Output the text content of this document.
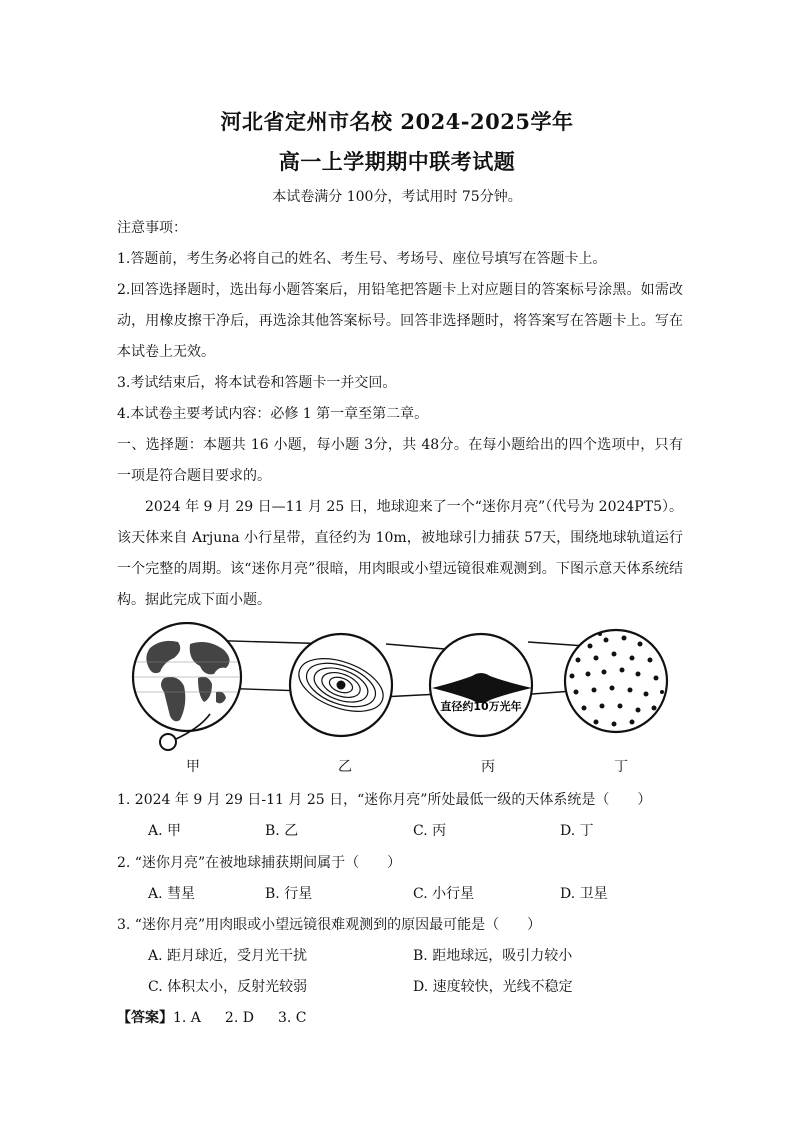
河北省定州市名校 2024-2025学年
高一上学期期中联考试题
本试卷满分 100分，考试用时 75分钟。
注意事项：
1.答题前，考生务必将自己的姓名、考生号、考场号、座位号填写在答题卡上。
2.回答选择题时，选出每小题答案后，用铅笔把答题卡上对应题目的答案标号涂黑。如需改动，用橡皮擦干净后，再选涂其他答案标号。回答非选择题时，将答案写在答题卡上。写在本试卷上无效。
3.考试结束后，将本试卷和答题卡一并交回。
4.本试卷主要考试内容：必修 1 第一章至第二章。
一、选择题：本题共 16 小题，每小题 3分，共 48分。在每小题给出的四个选项中，只有一项是符合题目要求的。
2024 年 9 月 29 日—11 月 25 日，地球迎来了一个“迷你月亮”（代号为 2024PT5）。该天体来自 Arjuna 小行星带，直径约为 10m，被地球引力捕获 57天，围绕地球轨道运行一个完整的周期。该“迷你月亮”很暗，用肉眼或小望远镜很难观测到。下图示意天体系统结构。据此完成下面小题。
直径约10万光年
甲	乙	丙	丁
1. 2024 年 9 月 29 日-11 月 25 日，“迷你月亮”所处最低一级的天体系统是（　　）
A. 甲	B. 乙	C. 丙	D. 丁
2. “迷你月亮”在被地球捕获期间属于（　　）
A. 彗星	B. 行星	C. 小行星	D. 卫星
3. “迷你月亮”用肉眼或小望远镜很难观测到的原因最可能是（　　）
A. 距月球近，受月光干扰	B. 距地球远，吸引力较小
C. 体积太小，反射光较弱	D. 速度较快，光线不稳定
【答案】1. A 2. D 3. C
